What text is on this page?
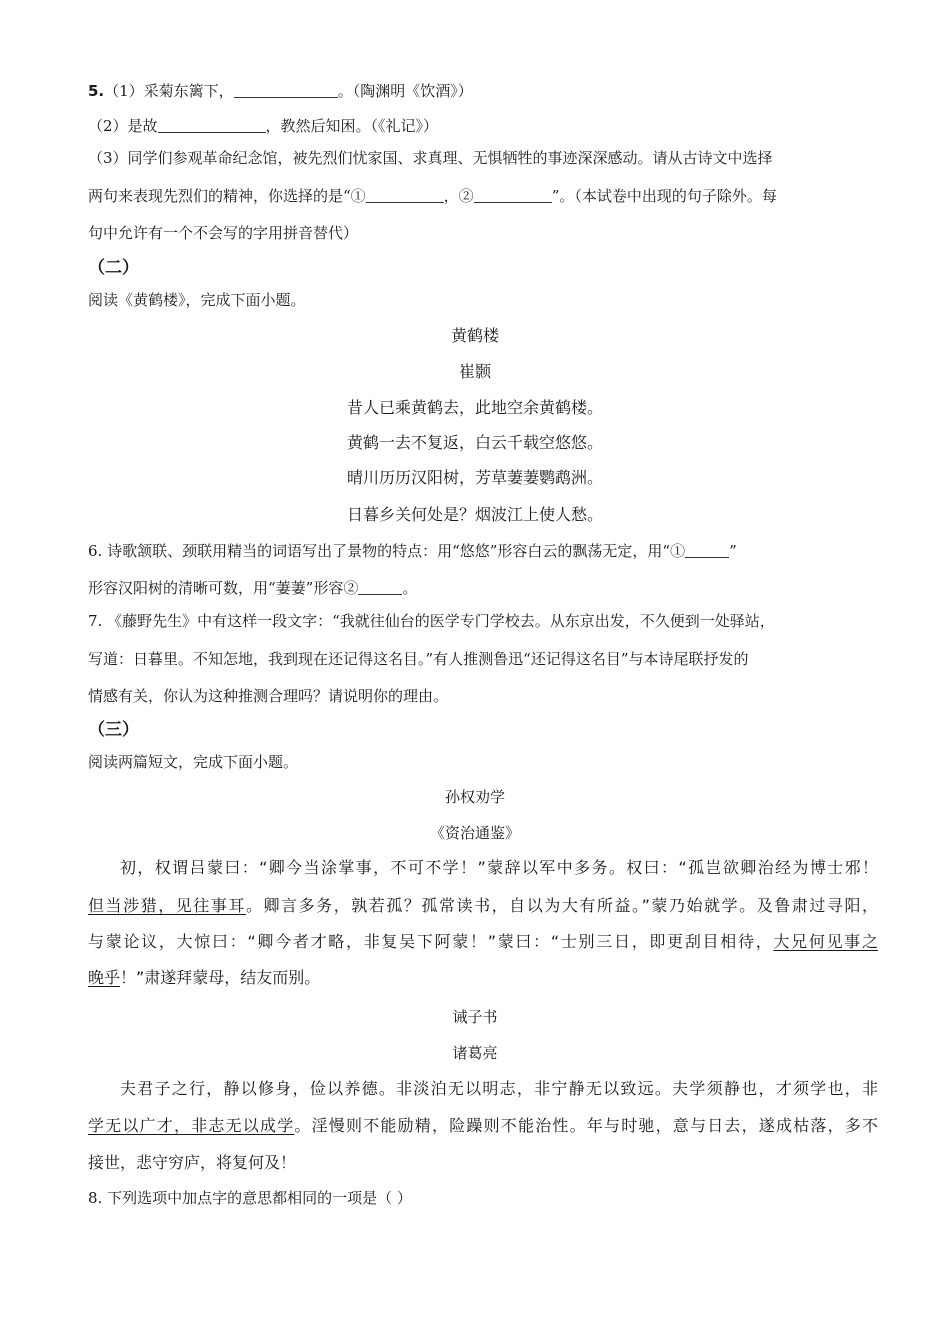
5.（1）采菊东篱下，	。（陶渊明《饮酒》）

（2）是故	，教然后知困。（《礼记》）

（3）同学们参观革命纪念馆，被先烈们忧家国、求真理、无惧牺牲的事迹深深感动。请从古诗文中选择

两句来表现先烈们的精神，你选择的是“①	，②	”。（本试卷中出现的句子除外。每

句中允许有一个不会写的字用拼音替代）

（二）

阅读《黄鹤楼》，完成下面小题。

黄鹤楼

崔颢

昔人已乘黄鹤去，此地空余黄鹤楼。

黄鹤一去不复返，白云千载空悠悠。

晴川历历汉阳树，芳草萋萋鹦鹉洲。

日暮乡关何处是？烟波江上使人愁。

6. 诗歌颔联、颈联用精当的词语写出了景物的特点：用“悠悠”形容白云的飘荡无定，用“①	”

形容汉阳树的清晰可数，用“萋萋”形容②	。

7. 《藤野先生》中有这样一段文字：“我就往仙台的医学专门学校去。从东京出发，不久便到一处驿站，

写道：日暮里。不知怎地，我到现在还记得这名目。”有人推测鲁迅“还记得这名目”与本诗尾联抒发的

情感有关，你认为这种推测合理吗？请说明你的理由。

（三）

阅读两篇短文，完成下面小题。

孙权劝学

《资治通鉴》

初，权谓吕蒙曰：“卿今当涂掌事，不可不学！”蒙辞以军中多务。权曰：“孤岂欲卿治经为博士邪！

但当涉猎，见往事耳。卿言多务，孰若孤？孤常读书，自以为大有所益。”蒙乃始就学。及鲁肃过寻阳，

与蒙论议，大惊曰：“卿今者才略，非复吴下阿蒙！”蒙曰：“士别三日，即更刮目相待，大兄何见事之

晚乎！”肃遂拜蒙母，结友而别。

诫子书

诸葛亮

夫君子之行，静以修身，俭以养德。非淡泊无以明志，非宁静无以致远。夫学须静也，才须学也，非

学无以广才，非志无以成学。淫慢则不能励精，险躁则不能治性。年与时驰，意与日去，遂成枯落，多不

接世，悲守穷庐，将复何及！

8. 下列选项中加点字的意思都相同的一项是（ ）
